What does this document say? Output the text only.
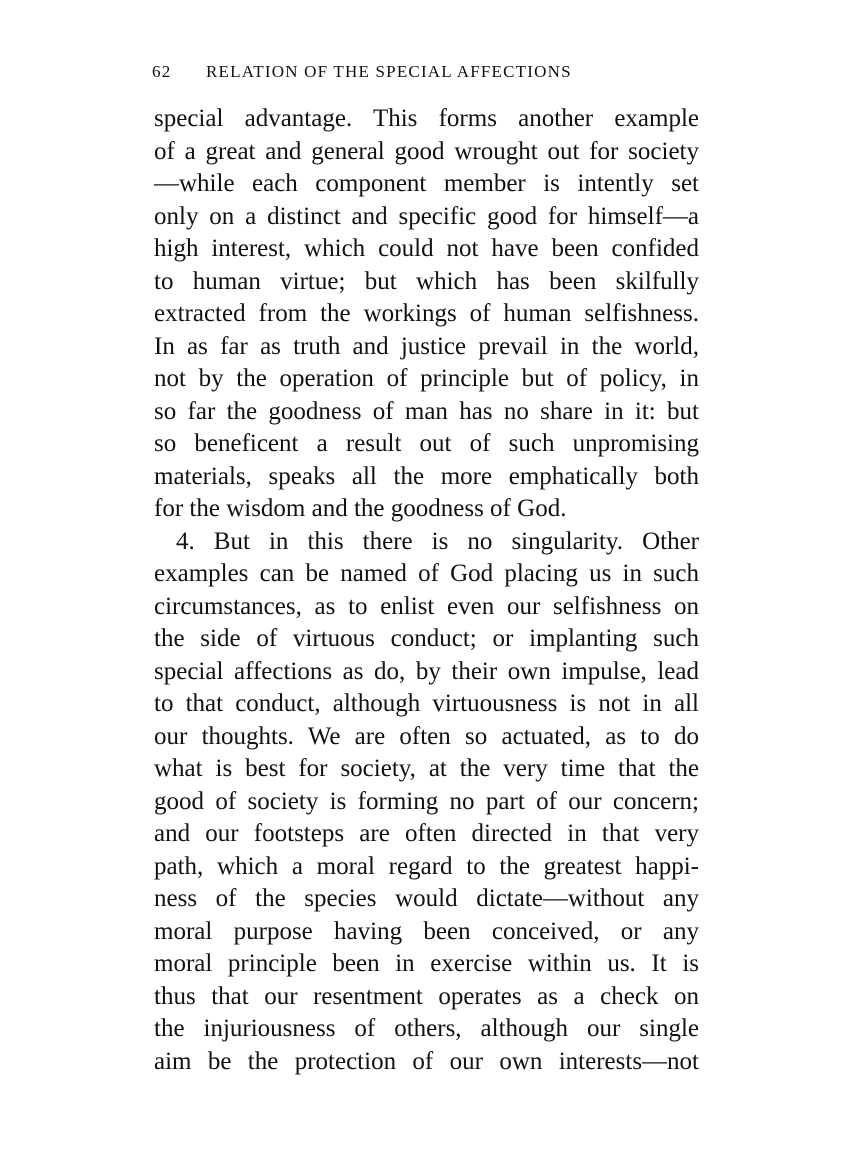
62 RELATION OF THE SPECIAL AFFECTIONS
special advantage. This forms another example
of a great and general good wrought out for society
—while each component member is intently set
only on a distinct and specific good for himself—a
high interest, which could not have been confided
to human virtue; but which has been skilfully
extracted from the workings of human selfishness.
In as far as truth and justice prevail in the world,
not by the operation of principle but of policy, in
so far the goodness of man has no share in it: but
so beneficent a result out of such unpromising
materials, speaks all the more emphatically both
for the wisdom and the goodness of God.
4. But in this there is no singularity. Other
examples can be named of God placing us in such
circumstances, as to enlist even our selfishness on
the side of virtuous conduct; or implanting such
special affections as do, by their own impulse, lead
to that conduct, although virtuousness is not in all
our thoughts. We are often so actuated, as to do
what is best for society, at the very time that the
good of society is forming no part of our concern;
and our footsteps are often directed in that very
path, which a moral regard to the greatest happi-
ness of the species would dictate—without any
moral purpose having been conceived, or any
moral principle been in exercise within us. It is
thus that our resentment operates as a check on
the injuriousness of others, although our single
aim be the protection of our own interests—not
